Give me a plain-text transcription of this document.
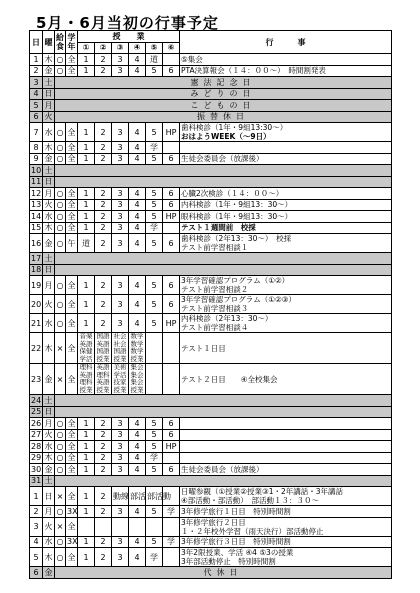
5月・6月当初の行事予定
日	曜	給食	学年	授　　業						行　　　事
				①	②	③	④	⑤	⑥	
1	木	○	全	1	2	3	4	道		⑤集会

2	金	○	全	1	2	3	4	5	6	PTA決算報会（１４：００〜）　時間割発表

3	土	憲法記念日								
4	日	みどりの日								
5	月	こどもの日								
6	火	振替休日								
7	水	○	全	1	2	3	4	5	HP	歯科検診（1年・9組13:30〜）
おはようWEEK（〜9日）

8	木	○	全	1	2	3	4	学		
9	金	○	全	1	2	3	4	5	6	生徒会委員会（放課後）

10	土									
11	日									
12	月	○	全	1	2	3	4	5	6	心臓2次検診（１４：００〜）

13	火	○	全	1	2	3	4	5	6	内科検診（1年・9組13：30〜）

14	水	○	全	1	2	3	4	5	HP	眼科検診（1年・9組13：30〜）

15	木	○	全	1	2	3	4	学		テスト１週間前　校採

16	金	○	午	道	2	3	4	5	6	歯科検診（2年13：30〜）　校採
テスト前学習相談１

17	土									
18	日									
19	月	○	全	1	2	3	4	5	6	3年学習確認プログラム（①②）
テスト前学習相談２

20	火	○	全	1	2	3	4	5	6	3年学習確認プログラム（①②③）
テスト前学習相談３

21	水	○	全	1	2	3	4	5	HP	内科検診（2年13：30〜）
テスト前学習相談４

22	木	×	全	音楽 英語 保健 学活	国語 英語 国語 授業	社会 社会 国語 授業	数学 数学 数学 授業			テスト１日目

23	金	×	全	理科 英語 理科 授業	英語 理科 英語 授業	美術 学活 技家 授業	集会 集会 集会 授業			テスト２日目　　④全校集会

24	土									
25	日									
26	月	○	全	1	2	3	4	5	6	
27	火	○	全	1	2	3	4	5	6	
28	水	○	全	1	2	3	4	5	HP	
29	木	○	全	1	2	3	4	学		
30	金	○	全	1	2	3	4	5	6	生徒会委員会（放課後）

31	土									
1	日	×	全	1	2	動線	部活	部活動		日曜参観（①授業②授業③1・2年講話・3年講話
④部活動・部活動）　部活動１３：３０〜

2	月	○	3X	1	2	3	4	5	学	3年修学旅行１日目　特別時間割

3	火	×	全							3年修学旅行２日目
１・２年校外学習（雨天決行）部活動停止

4	水	○	3X	1	2	3	4	5	学	3年修学旅行３日目　特別時間割

5	木	○	全	1	2	3	4	学		3年2限授業、学活 ④4 ⑤3の授業
3年部活動停止　特別時間割

6	金	代休日								
